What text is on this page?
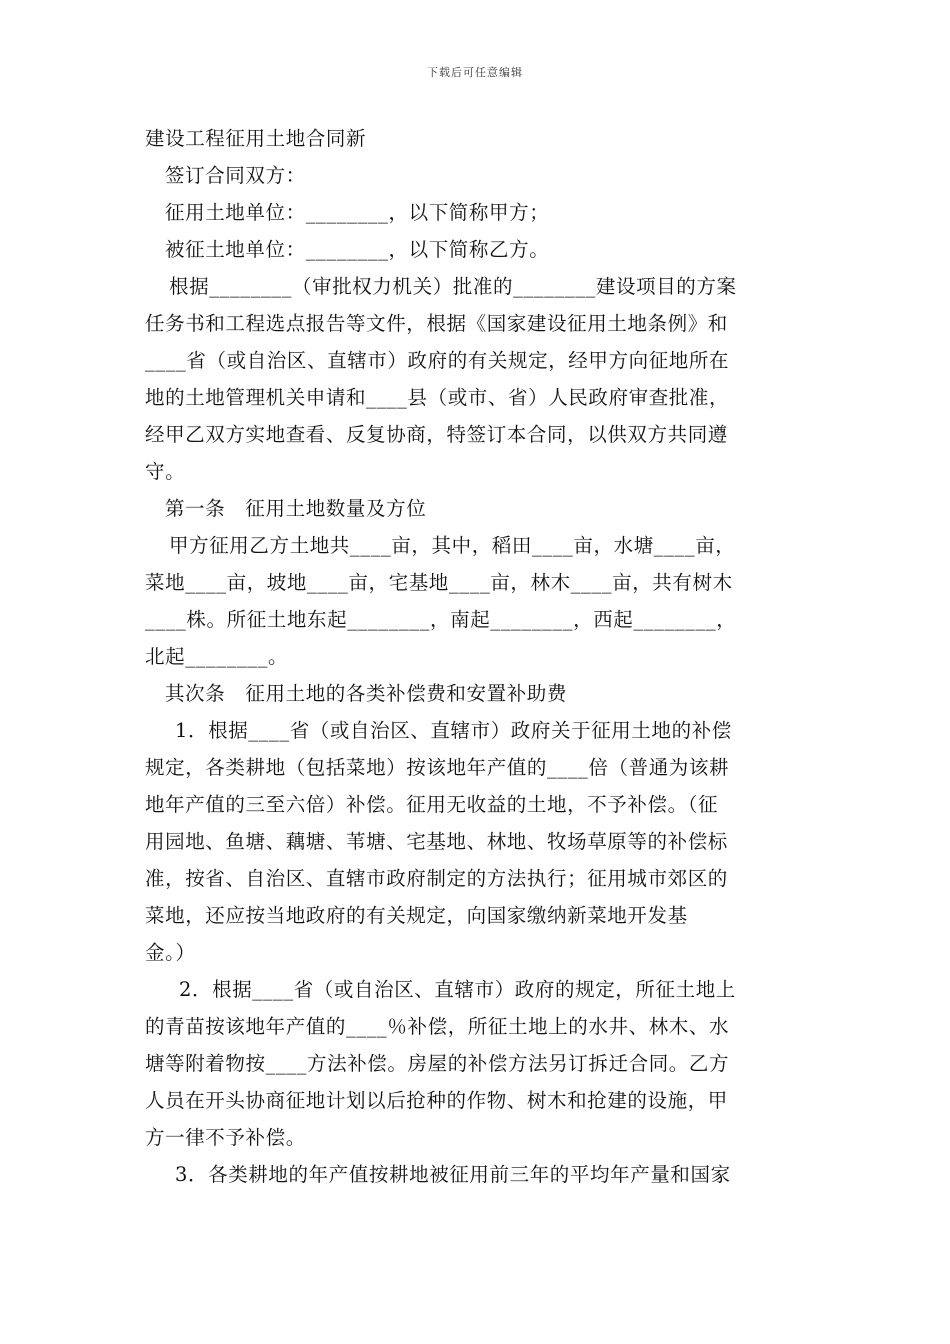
下载后可任意编辑
建设工程征用土地合同新
签订合同双方：
征用土地单位：________，以下简称甲方；
被征土地单位：________，以下简称乙方。
根据________（审批权力机关）批准的________建设项目的方案
任务书和工程选点报告等文件，根据《国家建设征用土地条例》和
____省（或自治区、直辖市）政府的有关规定，经甲方向征地所在
地的土地管理机关申请和____县（或市、省）人民政府审查批准，
经甲乙双方实地查看、反复协商，特签订本合同，以供双方共同遵
守。
第一条　征用土地数量及方位
甲方征用乙方土地共____亩，其中，稻田____亩，水塘____亩，
菜地____亩，坡地____亩，宅基地____亩，林木____亩，共有树木
____株。所征土地东起________，南起________，西起________，
北起________。
其次条　征用土地的各类补偿费和安置补助费
1．根据____省（或自治区、直辖市）政府关于征用土地的补偿
规定，各类耕地（包括菜地）按该地年产值的____倍（普通为该耕
地年产值的三至六倍）补偿。征用无收益的土地，不予补偿。（征
用园地、鱼塘、藕塘、苇塘、宅基地、林地、牧场草原等的补偿标
准，按省、自治区、直辖市政府制定的方法执行；征用城市郊区的
菜地，还应按当地政府的有关规定，向国家缴纳新菜地开发基
金。）
2．根据____省（或自治区、直辖市）政府的规定，所征土地上
的青苗按该地年产值的____％补偿，所征土地上的水井、林木、水
塘等附着物按____方法补偿。房屋的补偿方法另订拆迁合同。乙方
人员在开头协商征地计划以后抢种的作物、树木和抢建的设施，甲
方一律不予补偿。
3．各类耕地的年产值按耕地被征用前三年的平均年产量和国家
